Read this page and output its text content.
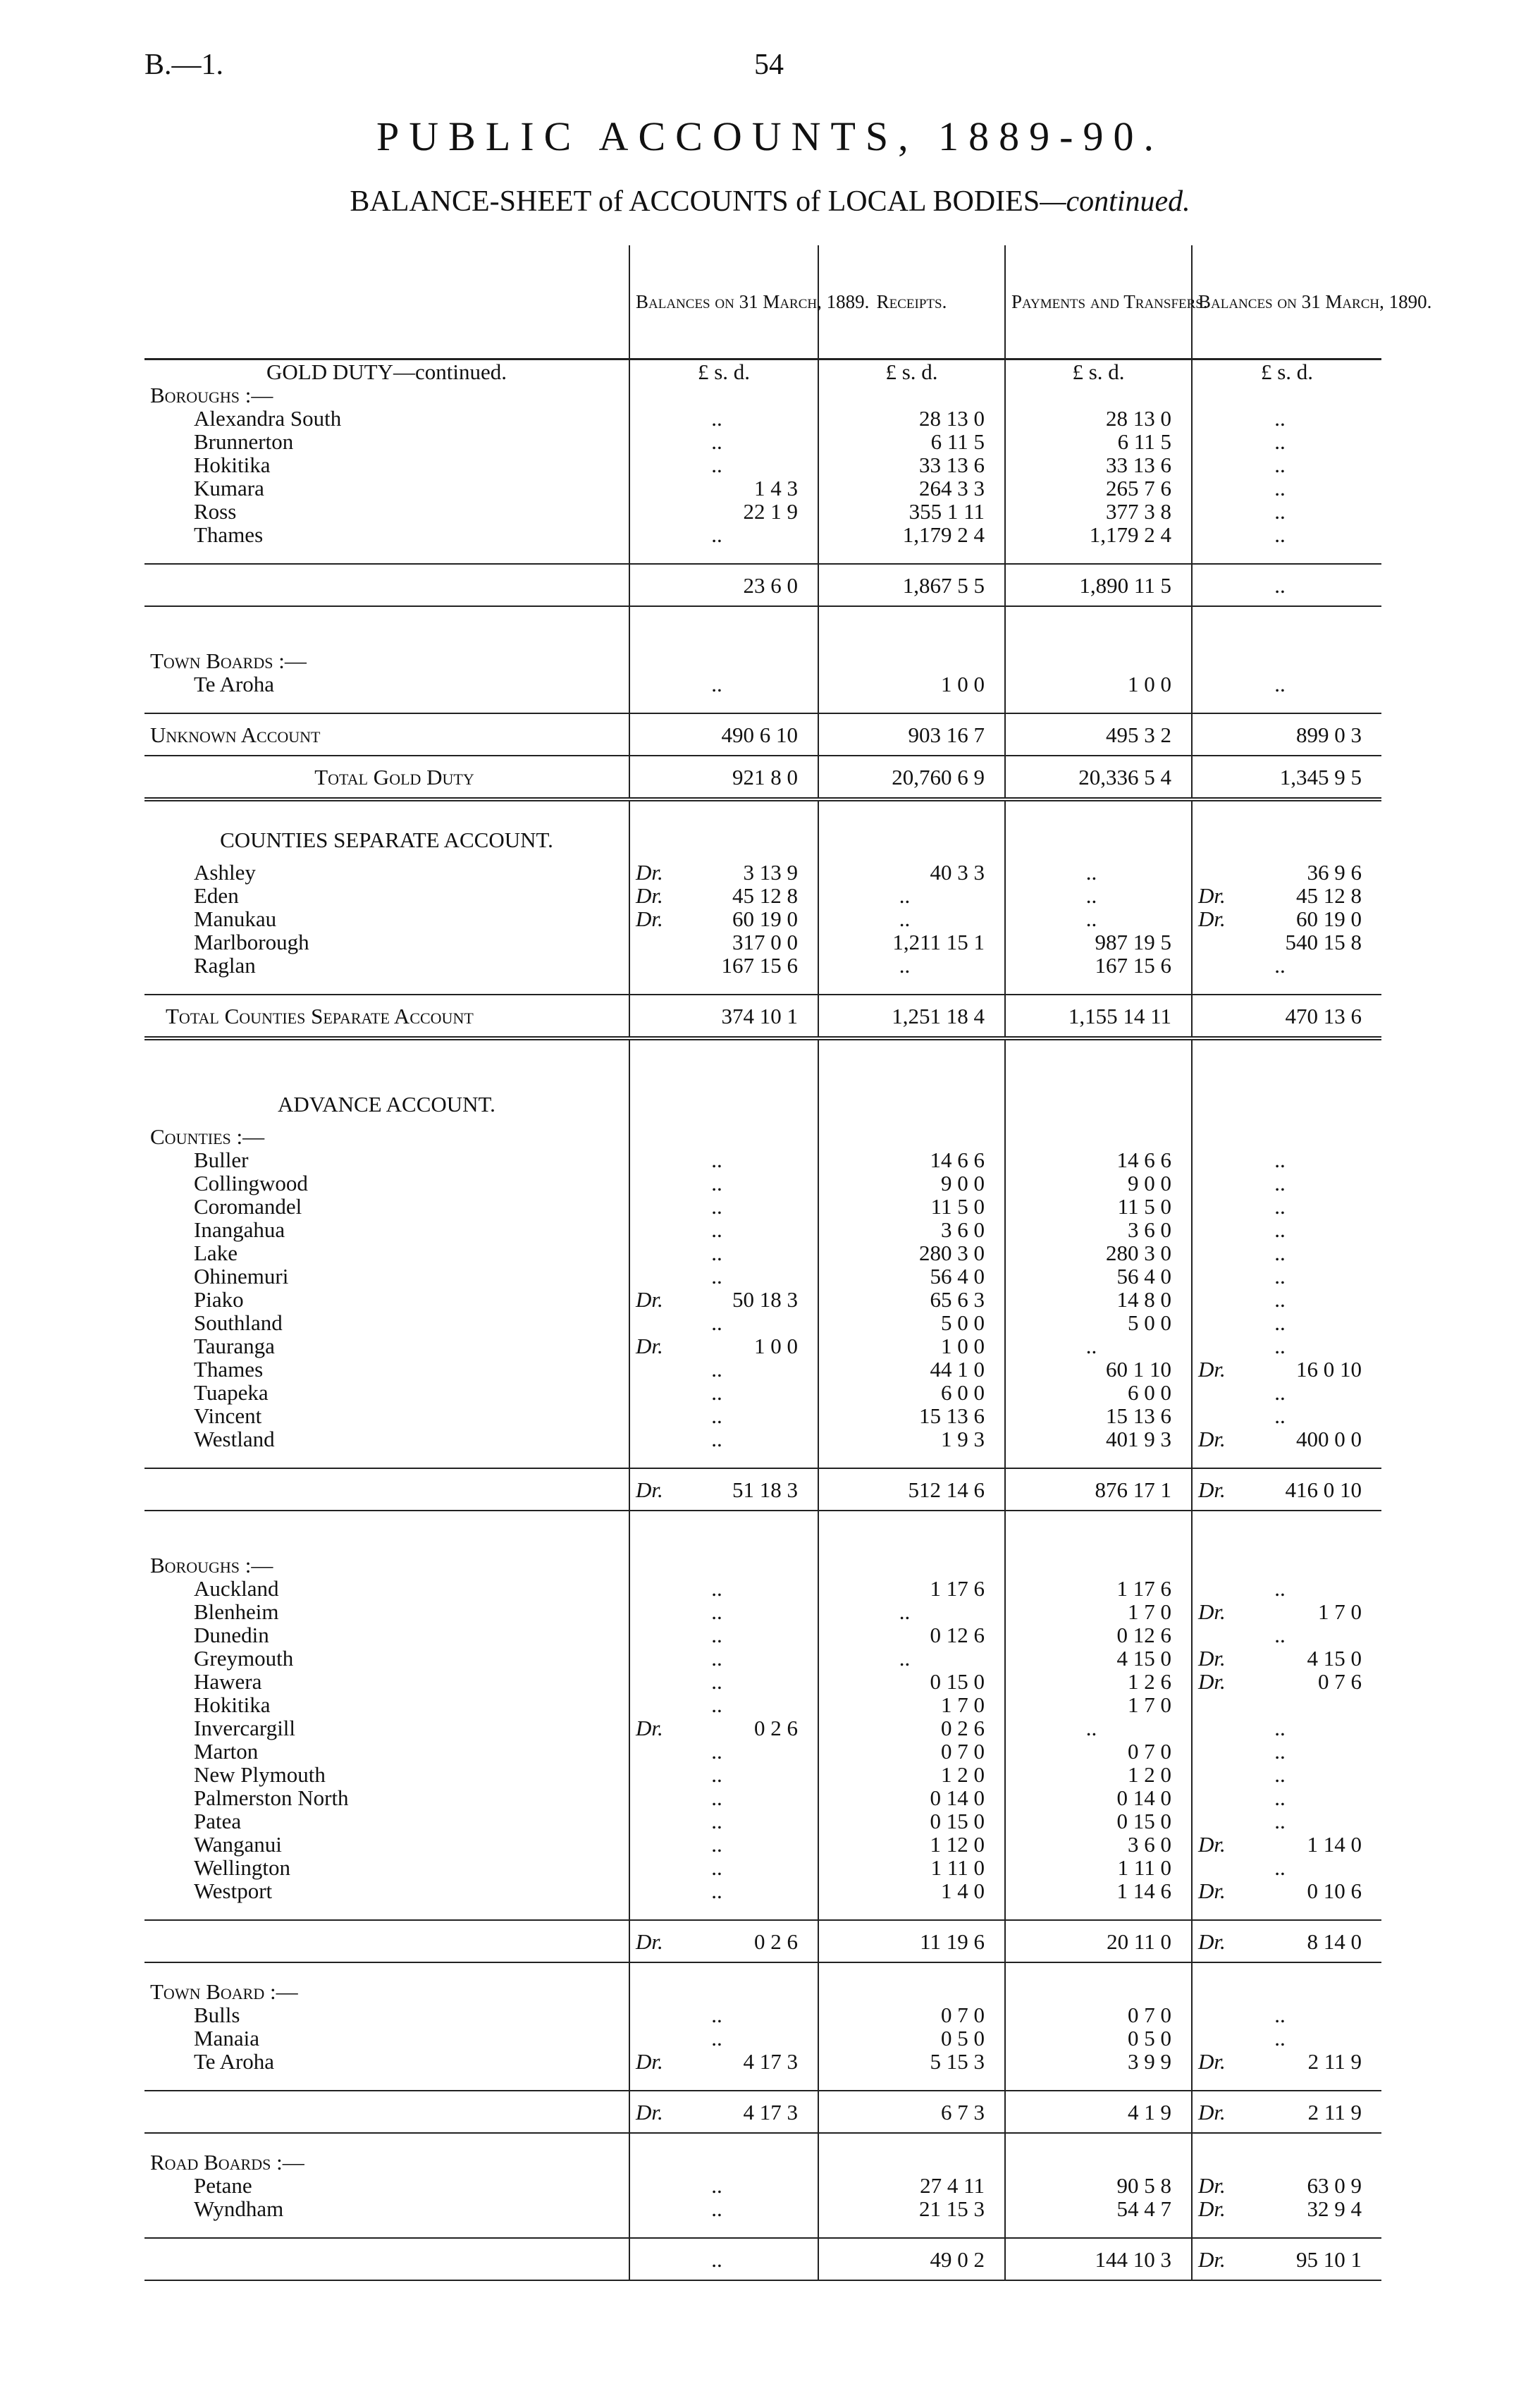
B.—1.	54
PUBLIC ACCOUNTS, 1889-90.
BALANCE-SHEET of ACCOUNTS of LOCAL BODIES—continued.
	Balances on 31 March, 1889.	Receipts.	Payments and Transfers.	Balances on 31 March, 1890.
GOLD DUTY—continued.	£ s. d.	£ s. d.	£ s. d.	£ s. d.
Boroughs :—				
Alexandra South	..	28 13 0	28 13 0	..
Brunnerton	..	6 11 5	6 11 5	..
Hokitika	..	33 13 6	33 13 6	..
Kumara	1 4 3	264 3 3	265 7 6	..
Ross	22 1 9	355 1 11	377 3 8	..
Thames	..	1,179 2 4	1,179 2 4	..

	23 6 0	1,867 5 5	1,890 11 5	..

Town Boards :—				
Te Aroha	..	1 0 0	1 0 0	..

Unknown Account	490 6 10	903 16 7	495 3 2	899 0 3
Total Gold Duty	921 8 0	20,760 6 9	20,336 5 4	1,345 9 5

COUNTIES SEPARATE ACCOUNT.				
Ashley	Dr. 3 13 9	40 3 3	..	36 9 6
Eden	Dr. 45 12 8	..	..	Dr. 45 12 8
Manukau	Dr. 60 19 0	..	..	Dr. 60 19 0
Marlborough	317 0 0	1,211 15 1	987 19 5	540 15 8
Raglan	167 15 6	..	167 15 6	..

Total Counties Separate Account	374 10 1	1,251 18 4	1,155 14 11	470 13 6

ADVANCE ACCOUNT.				
Counties :—				
Buller	..	14 6 6	14 6 6	..
Collingwood	..	9 0 0	9 0 0	..
Coromandel	..	11 5 0	11 5 0	..
Inangahua	..	3 6 0	3 6 0	..
Lake	..	280 3 0	280 3 0	..
Ohinemuri	..	56 4 0	56 4 0	..
Piako	Dr. 50 18 3	65 6 3	14 8 0	..
Southland	..	5 0 0	5 0 0	..
Tauranga	Dr. 1 0 0	1 0 0	..	..
Thames	..	44 1 0	60 1 10	Dr. 16 0 10
Tuapeka	..	6 0 0	6 0 0	..
Vincent	..	15 13 6	15 13 6	..
Westland	..	1 9 3	401 9 3	Dr. 400 0 0

	Dr. 51 18 3	512 14 6	876 17 1	Dr. 416 0 10

Boroughs :—				
Auckland	..	1 17 6	1 17 6	..
Blenheim	..	..	1 7 0	Dr. 1 7 0
Dunedin	..	0 12 6	0 12 6	..
Greymouth	..	..	4 15 0	Dr. 4 15 0
Hawera	..	0 15 0	1 2 6	Dr. 0 7 6
Hokitika	..	1 7 0	1 7 0	
Invercargill	Dr. 0 2 6	0 2 6	..	..
Marton	..	0 7 0	0 7 0	..
New Plymouth	..	1 2 0	1 2 0	..
Palmerston North	..	0 14 0	0 14 0	..
Patea	..	0 15 0	0 15 0	..
Wanganui	..	1 12 0	3 6 0	Dr. 1 14 0
Wellington	..	1 11 0	1 11 0	..
Westport	..	1 4 0	1 14 6	Dr. 0 10 6

	Dr. 0 2 6	11 19 6	20 11 0	Dr. 8 14 0

Town Board :—				
Bulls	..	0 7 0	0 7 0	..
Manaia	..	0 5 0	0 5 0	..
Te Aroha	Dr. 4 17 3	5 15 3	3 9 9	Dr. 2 11 9

	Dr. 4 17 3	6 7 3	4 1 9	Dr. 2 11 9

Road Boards :—				
Petane	..	27 4 11	90 5 8	Dr. 63 0 9
Wyndham	..	21 15 3	54 4 7	Dr. 32 9 4

	..	49 0 2	144 10 3	Dr. 95 10 1
